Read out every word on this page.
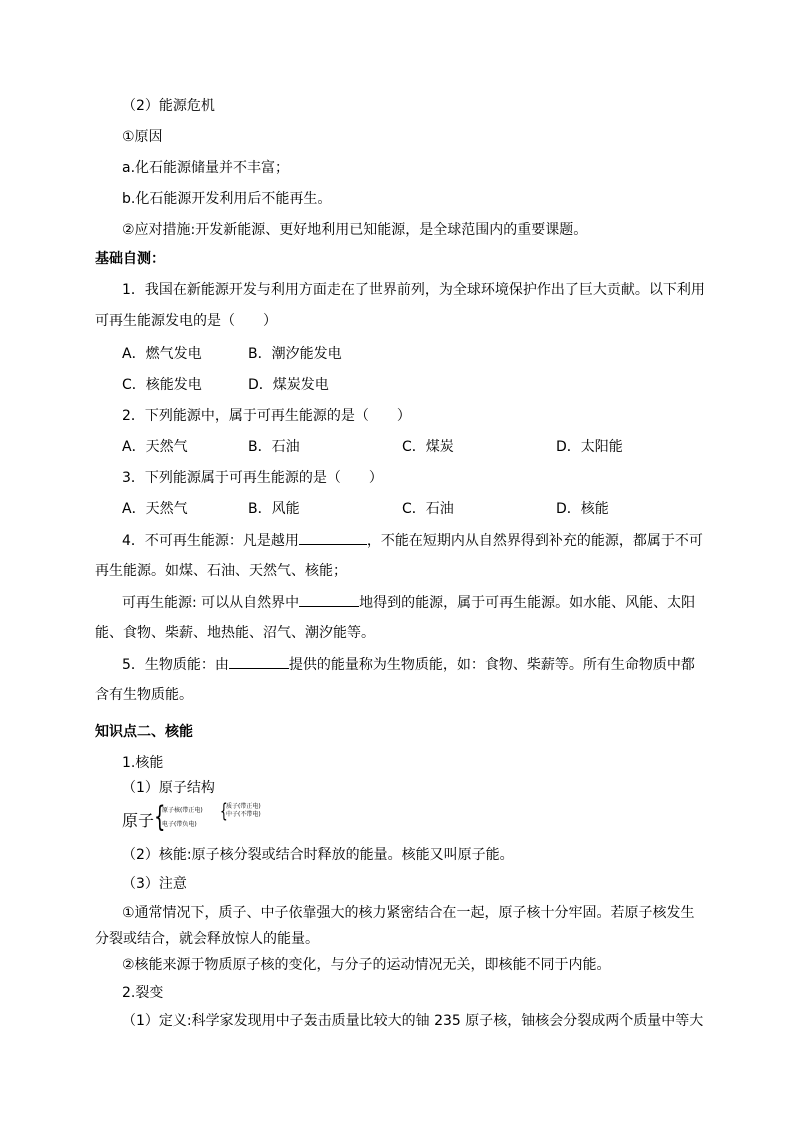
（2）能源危机
①原因
a.化石能源储量并不丰富；
b.化石能源开发利用后不能再生。
②应对措施:开发新能源、更好地利用已知能源，是全球范围内的重要课题。
基础自测：
1．我国在新能源开发与利用方面走在了世界前列，为全球环境保护作出了巨大贡献。以下利用
可再生能源发电的是（　　）
A．燃气发电	B．潮汐能发电
C．核能发电	D．煤炭发电
2．下列能源中，属于可再生能源的是（　　）
A．天然气	B．石油	C．煤炭	D．太阳能
3．下列能源属于可再生能源的是（　　）
A．天然气	B．风能	C．石油	D．核能
4．不可再生能源：凡是越用	，不能在短期内从自然界得到补充的能源，都属于不可
再生能源。如煤、石油、天然气、核能；
可再生能源: 可以从自然界中	地得到的能源，属于可再生能源。如水能、风能、太阳
能、食物、柴薪、地热能、沼气、潮汐能等。
5．生物质能：由	提供的能量称为生物质能，如：食物、柴薪等。所有生命物质中都
含有生物质能。
知识点二、核能
1.核能
（1）原子结构
原子 {
原子核(带正电)
电子(带负电)
{
质子(带正电)
中子(不带电)
（2）核能:原子核分裂或结合时释放的能量。核能又叫原子能。
（3）注意
①通常情况下，质子、中子依靠强大的核力紧密结合在一起，原子核十分牢固。若原子核发生
分裂或结合，就会释放惊人的能量。
②核能来源于物质原子核的变化，与分子的运动情况无关，即核能不同于内能。
2.裂变
（1）定义:科学家发现用中子轰击质量比较大的铀 235 原子核，铀核会分裂成两个质量中等大
